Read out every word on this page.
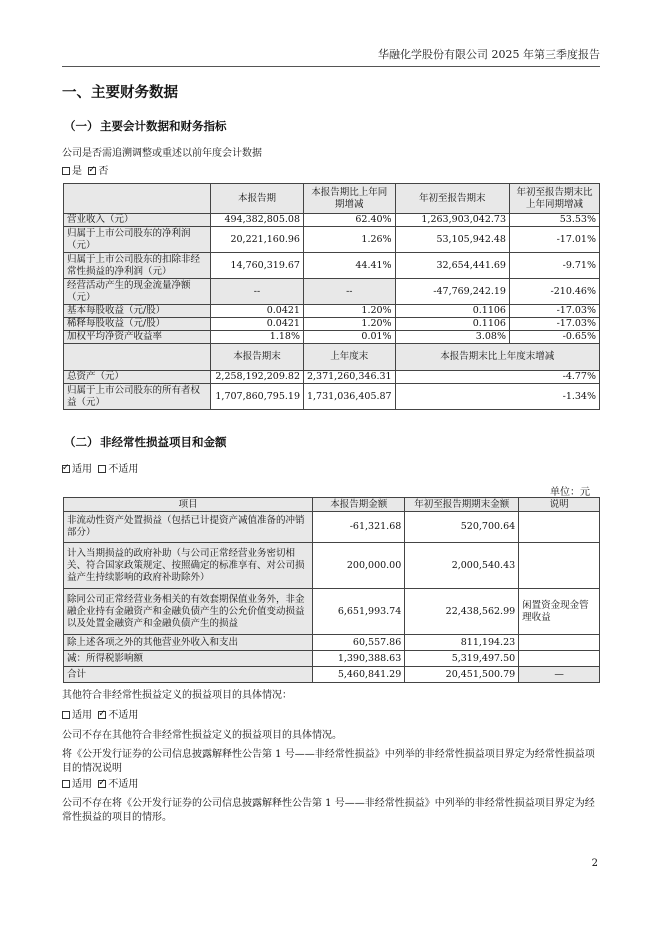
华融化学股份有限公司 2025 年第三季度报告
一、主要财务数据
（一） 主要会计数据和财务指标
公司是否需追溯调整或重述以前年度会计数据
是 ✓ 否
	本报告期	本报告期比上年同期增减	年初至报告期末	年初至报告期末比上年同期增减
营业收入（元）	494,382,805.08	62.40%	1,263,903,042.73	53.53%
归属于上市公司股东的净利润（元）	20,221,160.96	1.26%	53,105,942.48	-17.01%
归属于上市公司股东的扣除非经常性损益的净利润（元）	14,760,319.67	44.41%	32,654,441.69	-9.71%
经营活动产生的现金流量净额（元）	--	--	-47,769,242.19	-210.46%
基本每股收益（元/股）	0.0421	1.20%	0.1106	-17.03%
稀释每股收益（元/股）	0.0421	1.20%	0.1106	-17.03%
加权平均净资产收益率	1.18%	0.01%	3.08%	-0.65%
	本报告期末	上年度末	本报告期末比上年度末增减	
总资产（元）	2,258,192,209.82	2,371,260,346.31	-4.77%	
归属于上市公司股东的所有者权益（元）	1,707,860,795.19	1,731,036,405.87	-1.34%	
（二） 非经常性损益项目和金额
✓适用 不适用
单位：元
项目	本报告期金额	年初至报告期期末金额	说明
非流动性资产处置损益（包括已计提资产减值准备的冲销部分）	-61,321.68	520,700.64	
计入当期损益的政府补助（与公司正常经营业务密切相关、符合国家政策规定、按照确定的标准享有、对公司损益产生持续影响的政府补助除外）	200,000.00	2,000,540.43	
除同公司正常经营业务相关的有效套期保值业务外，非金融企业持有金融资产和金融负债产生的公允价值变动损益以及处置金融资产和金融负债产生的损益	6,651,993.74	22,438,562.99	闲置资金现金管理收益
除上述各项之外的其他营业外收入和支出	60,557.86	811,194.23	
减：所得税影响额	1,390,388.63	5,319,497.50	
合计	5,460,841.29	20,451,500.79	—
其他符合非经常性损益定义的损益项目的具体情况：
适用 ✓ 不适用
公司不存在其他符合非经常性损益定义的损益项目的具体情况。
将《公开发行证券的公司信息披露解释性公告第 1 号——非经常性损益》中列举的非经常性损益项目界定为经常性损益项目的情况说明
适用 ✓ 不适用
公司不存在将《公开发行证券的公司信息披露解释性公告第 1 号——非经常性损益》中列举的非经常性损益项目界定为经常性损益的项目的情形。
2
